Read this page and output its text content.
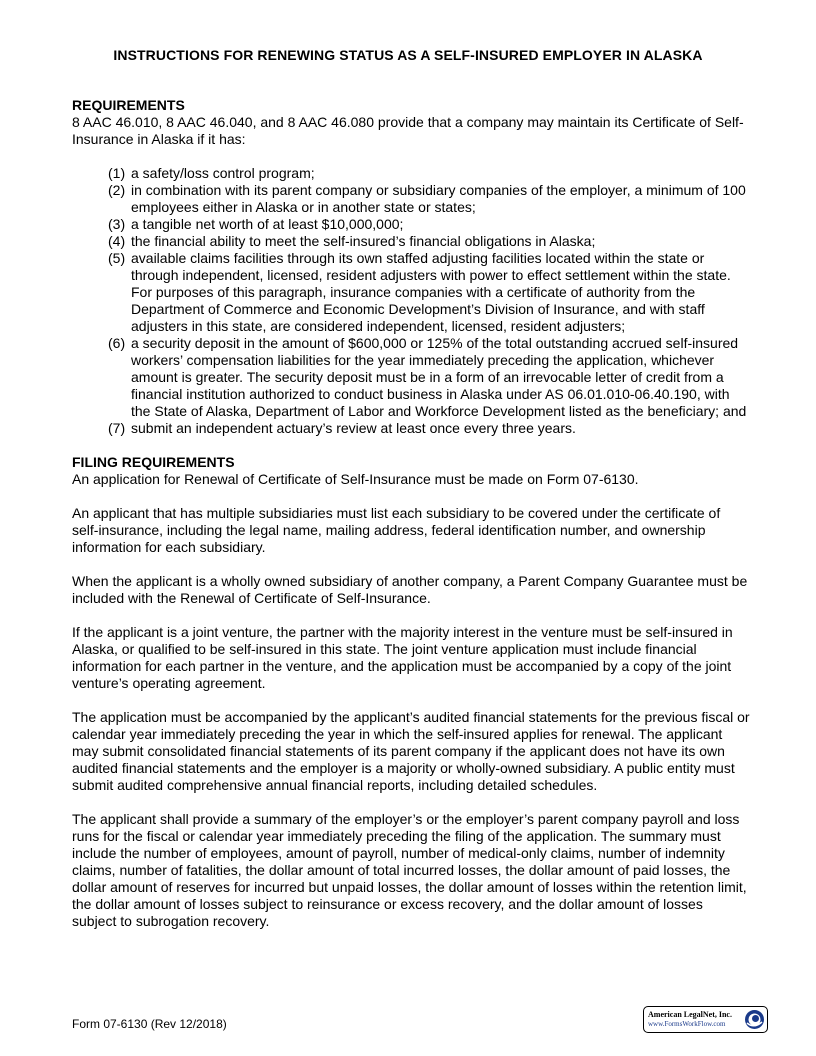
INSTRUCTIONS FOR RENEWING STATUS AS A SELF-INSURED EMPLOYER IN ALASKA
REQUIREMENTS

8 AAC 46.010, 8 AAC 46.040, and 8 AAC 46.080 provide that a company may maintain its Certificate of Self-Insurance in Alaska if it has:

(1) a safety/loss control program;
(2) in combination with its parent company or subsidiary companies of the employer, a minimum of 100 employees either in Alaska or in another state or states;
(3) a tangible net worth of at least $10,000,000;
(4) the financial ability to meet the self-insured’s financial obligations in Alaska;
(5) available claims facilities through its own staffed adjusting facilities located within the state or through independent, licensed, resident adjusters with power to effect settlement within the state. For purposes of this paragraph, insurance companies with a certificate of authority from the Department of Commerce and Economic Development’s Division of Insurance, and with staff adjusters in this state, are considered independent, licensed, resident adjusters;
(6) a security deposit in the amount of $600,000 or 125% of the total outstanding accrued self-insured workers’ compensation liabilities for the year immediately preceding the application, whichever amount is greater. The security deposit must be in a form of an irrevocable letter of credit from a financial institution authorized to conduct business in Alaska under AS 06.01.010-06.40.190, with the State of Alaska, Department of Labor and Workforce Development listed as the beneficiary; and
(7) submit an independent actuary’s review at least once every three years.
FILING REQUIREMENTS

An application for Renewal of Certificate of Self-Insurance must be made on Form 07-6130.

An applicant that has multiple subsidiaries must list each subsidiary to be covered under the certificate of self-insurance, including the legal name, mailing address, federal identification number, and ownership information for each subsidiary.

When the applicant is a wholly owned subsidiary of another company, a Parent Company Guarantee must be included with the Renewal of Certificate of Self-Insurance.

If the applicant is a joint venture, the partner with the majority interest in the venture must be self-insured in Alaska, or qualified to be self-insured in this state. The joint venture application must include financial information for each partner in the venture, and the application must be accompanied by a copy of the joint venture’s operating agreement.

The application must be accompanied by the applicant’s audited financial statements for the previous fiscal or calendar year immediately preceding the year in which the self-insured applies for renewal. The applicant may submit consolidated financial statements of its parent company if the applicant does not have its own audited financial statements and the employer is a majority or wholly-owned subsidiary. A public entity must submit audited comprehensive annual financial reports, including detailed schedules.

The applicant shall provide a summary of the employer’s or the employer’s parent company payroll and loss runs for the fiscal or calendar year immediately preceding the filing of the application. The summary must include the number of employees, amount of payroll, number of medical-only claims, number of indemnity claims, number of fatalities, the dollar amount of total incurred losses, the dollar amount of paid losses, the dollar amount of reserves for incurred but unpaid losses, the dollar amount of losses within the retention limit, the dollar amount of losses subject to reinsurance or excess recovery, and the dollar amount of losses subject to subrogation recovery.

Form 07-6130 (Rev 12/2018)
American LegalNet, Inc.
www.FormsWorkFlow.com
